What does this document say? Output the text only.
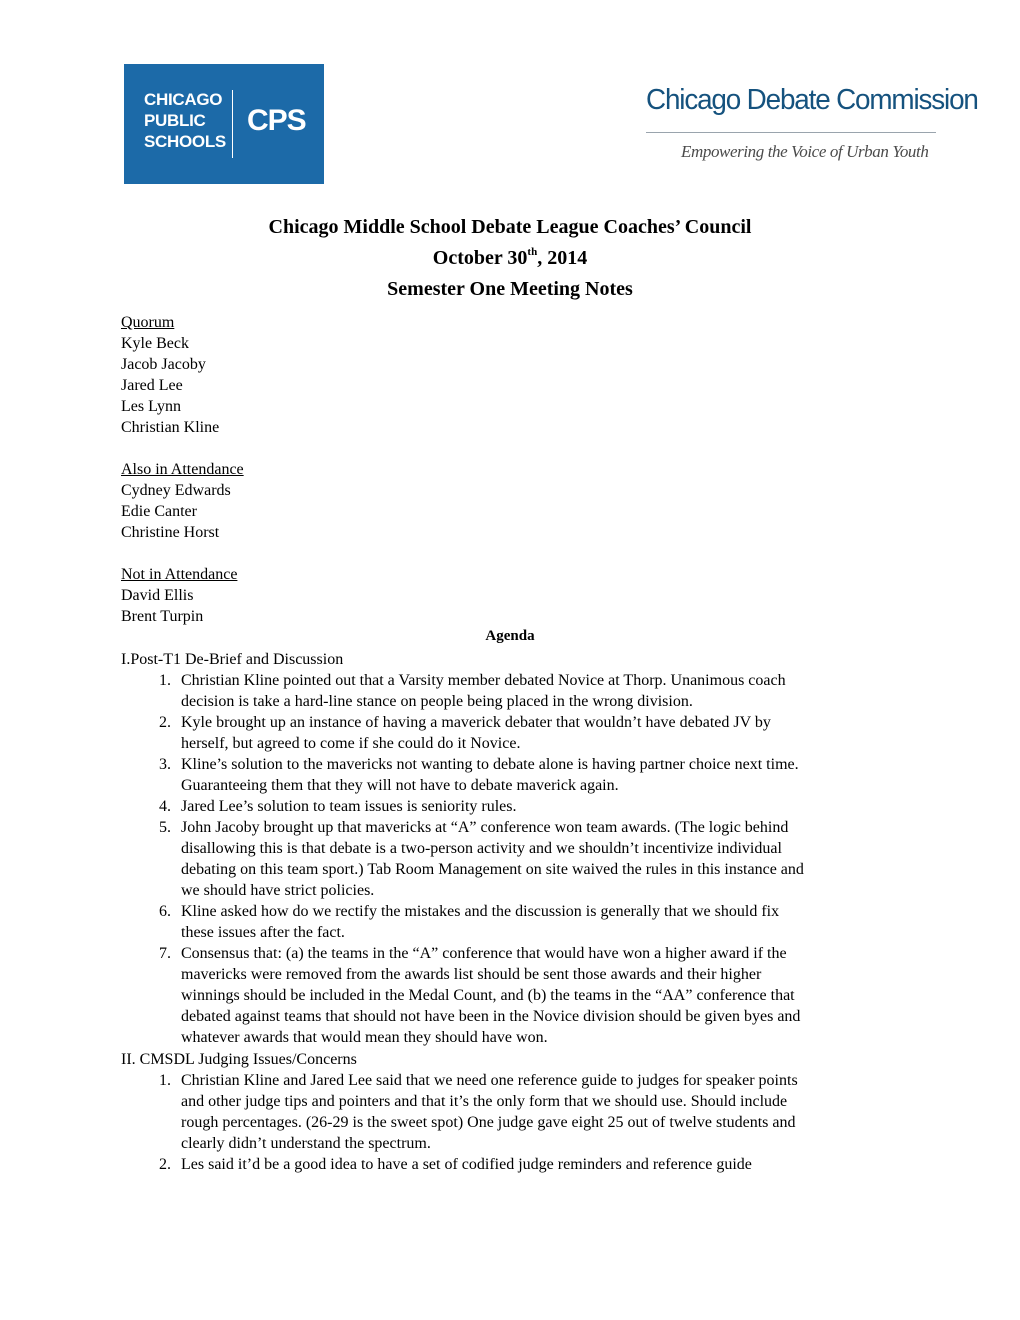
CHICAGO
PUBLIC
SCHOOLS
CPS
Chicago Debate Commission
Empowering the Voice of Urban Youth
Chicago Middle School Debate League Coaches’ Council
October 30th, 2014
Semester One Meeting Notes
Quorum
Kyle Beck
Jacob Jacoby
Jared Lee
Les Lynn
Christian Kline
Also in Attendance
Cydney Edwards
Edie Canter
Christine Horst
Not in Attendance
David Ellis
Brent Turpin
Agenda
I.Post-T1 De-Brief and Discussion
1. Christian Kline pointed out that a Varsity member debated Novice at Thorp. Unanimous coach
decision is take a hard-line stance on people being placed in the wrong division.
2. Kyle brought up an instance of having a maverick debater that wouldn’t have debated JV by
herself, but agreed to come if she could do it Novice.
3. Kline’s solution to the mavericks not wanting to debate alone is having partner choice next time.
Guaranteeing them that they will not have to debate maverick again.
4. Jared Lee’s solution to team issues is seniority rules.
5. John Jacoby brought up that mavericks at “A” conference won team awards. (The logic behind
disallowing this is that debate is a two-person activity and we shouldn’t incentivize individual
debating on this team sport.) Tab Room Management on site waived the rules in this instance and
we should have strict policies.
6. Kline asked how do we rectify the mistakes and the discussion is generally that we should fix
these issues after the fact.
7. Consensus that: (a) the teams in the “A” conference that would have won a higher award if the
mavericks were removed from the awards list should be sent those awards and their higher
winnings should be included in the Medal Count, and (b) the teams in the “AA” conference that
debated against teams that should not have been in the Novice division should be given byes and
whatever awards that would mean they should have won.
II. CMSDL Judging Issues/Concerns
1. Christian Kline and Jared Lee said that we need one reference guide to judges for speaker points
and other judge tips and pointers and that it’s the only form that we should use. Should include
rough percentages. (26-29 is the sweet spot) One judge gave eight 25 out of twelve students and
clearly didn’t understand the spectrum.
2. Les said it’d be a good idea to have a set of codified judge reminders and reference guide
